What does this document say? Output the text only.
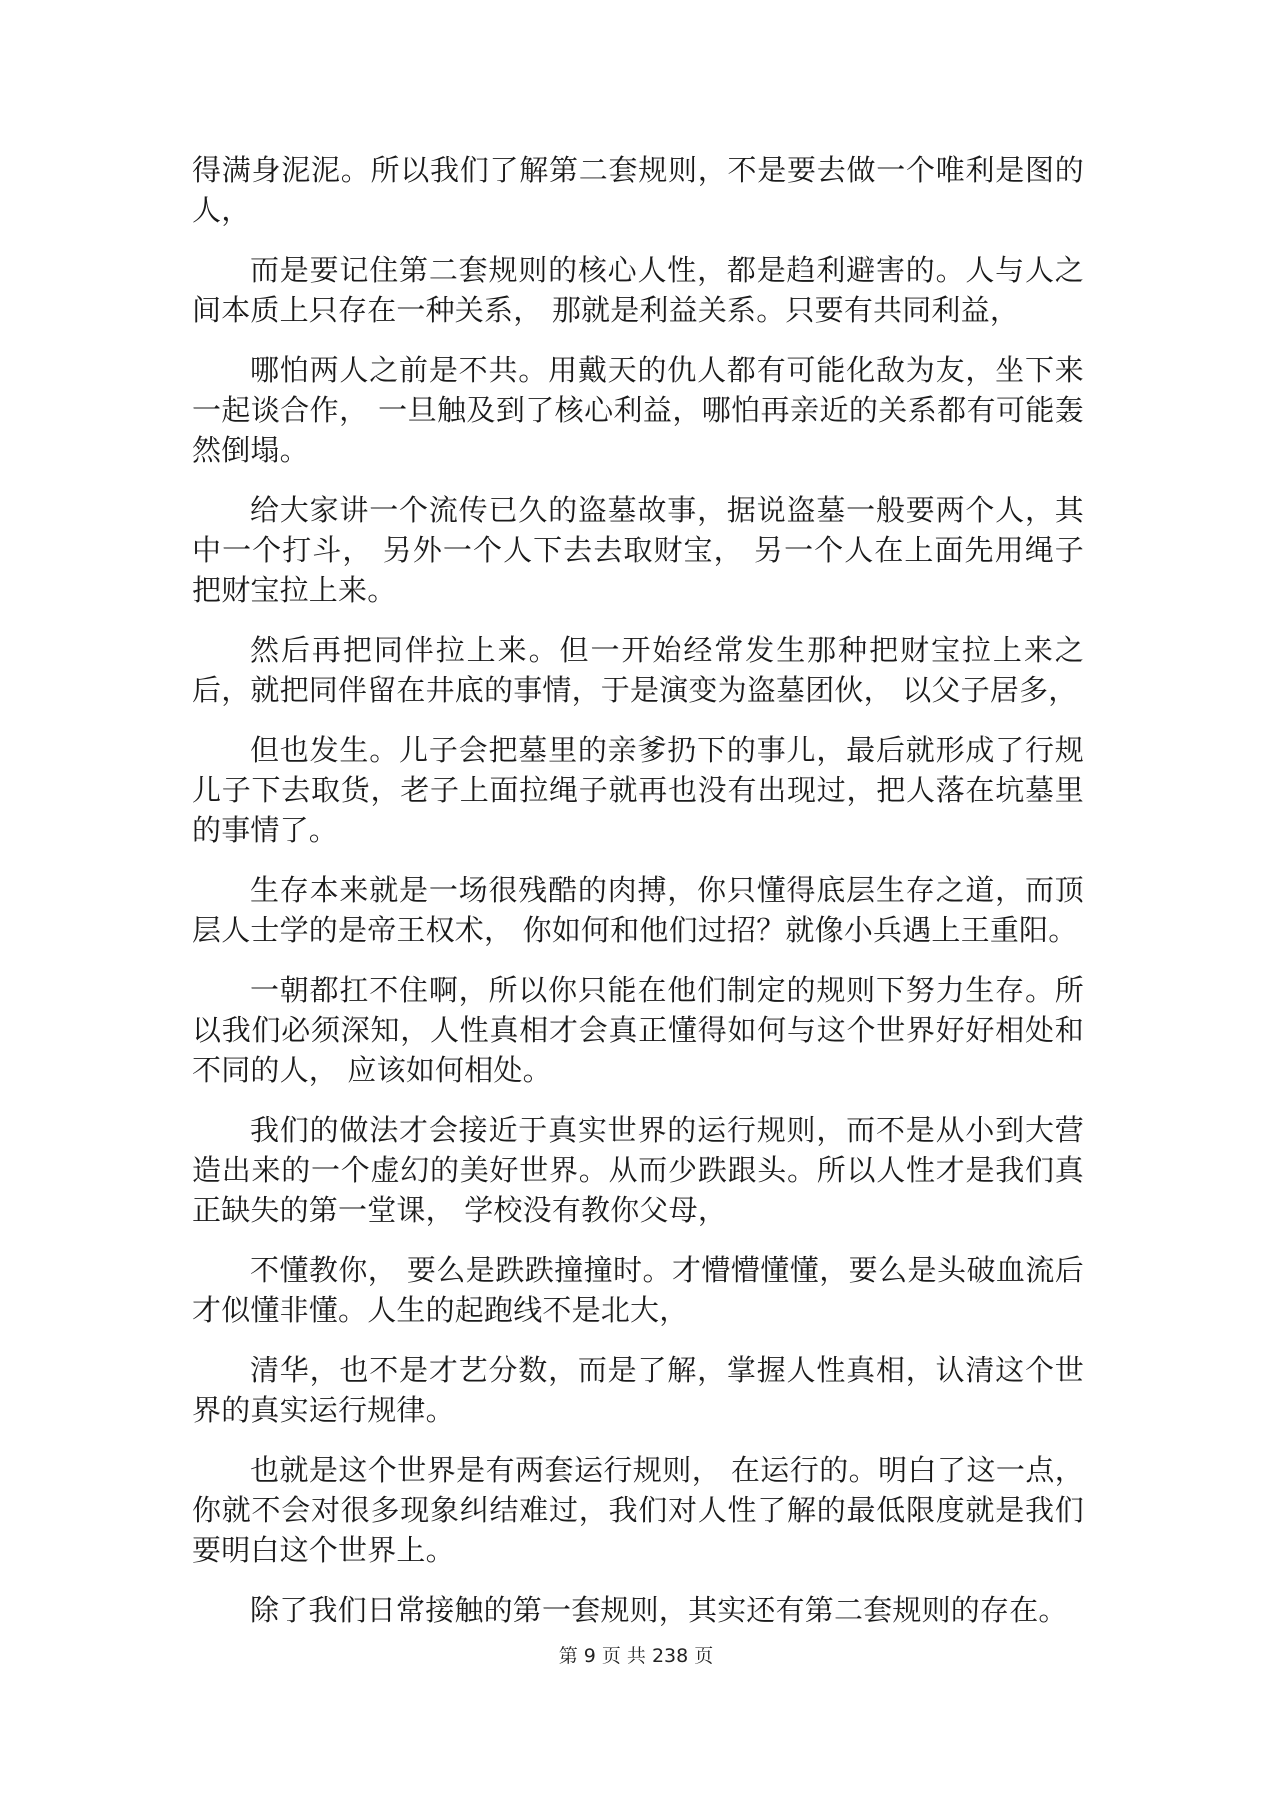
得满身泥泥。所以我们了解第二套规则，不是要去做一个唯利是图的人，

而是要记住第二套规则的核心人性，都是趋利避害的。人与人之间本质上只存在一种关系， 那就是利益关系。只要有共同利益，

哪怕两人之前是不共。用戴天的仇人都有可能化敌为友，坐下来一起谈合作， 一旦触及到了核心利益，哪怕再亲近的关系都有可能轰然倒塌。

给大家讲一个流传已久的盗墓故事，据说盗墓一般要两个人，其中一个打斗， 另外一个人下去去取财宝， 另一个人在上面先用绳子把财宝拉上来。

然后再把同伴拉上来。但一开始经常发生那种把财宝拉上来之后，就把同伴留在井底的事情，于是演变为盗墓团伙， 以父子居多，

但也发生。儿子会把墓里的亲爹扔下的事儿，最后就形成了行规儿子下去取货，老子上面拉绳子就再也没有出现过，把人落在坑墓里的事情了。

生存本来就是一场很残酷的肉搏，你只懂得底层生存之道，而顶层人士学的是帝王权术， 你如何和他们过招？就像小兵遇上王重阳。

一朝都扛不住啊，所以你只能在他们制定的规则下努力生存。所以我们必须深知，人性真相才会真正懂得如何与这个世界好好相处和不同的人， 应该如何相处。

我们的做法才会接近于真实世界的运行规则，而不是从小到大营造出来的一个虚幻的美好世界。从而少跌跟头。所以人性才是我们真正缺失的第一堂课， 学校没有教你父母，

不懂教你， 要么是跌跌撞撞时。才懵懵懂懂，要么是头破血流后才似懂非懂。人生的起跑线不是北大，

清华，也不是才艺分数，而是了解，掌握人性真相，认清这个世界的真实运行规律。

也就是这个世界是有两套运行规则， 在运行的。明白了这一点，你就不会对很多现象纠结难过，我们对人性了解的最低限度就是我们要明白这个世界上。

除了我们日常接触的第一套规则，其实还有第二套规则的存在。

第 9 页 共 238 页
